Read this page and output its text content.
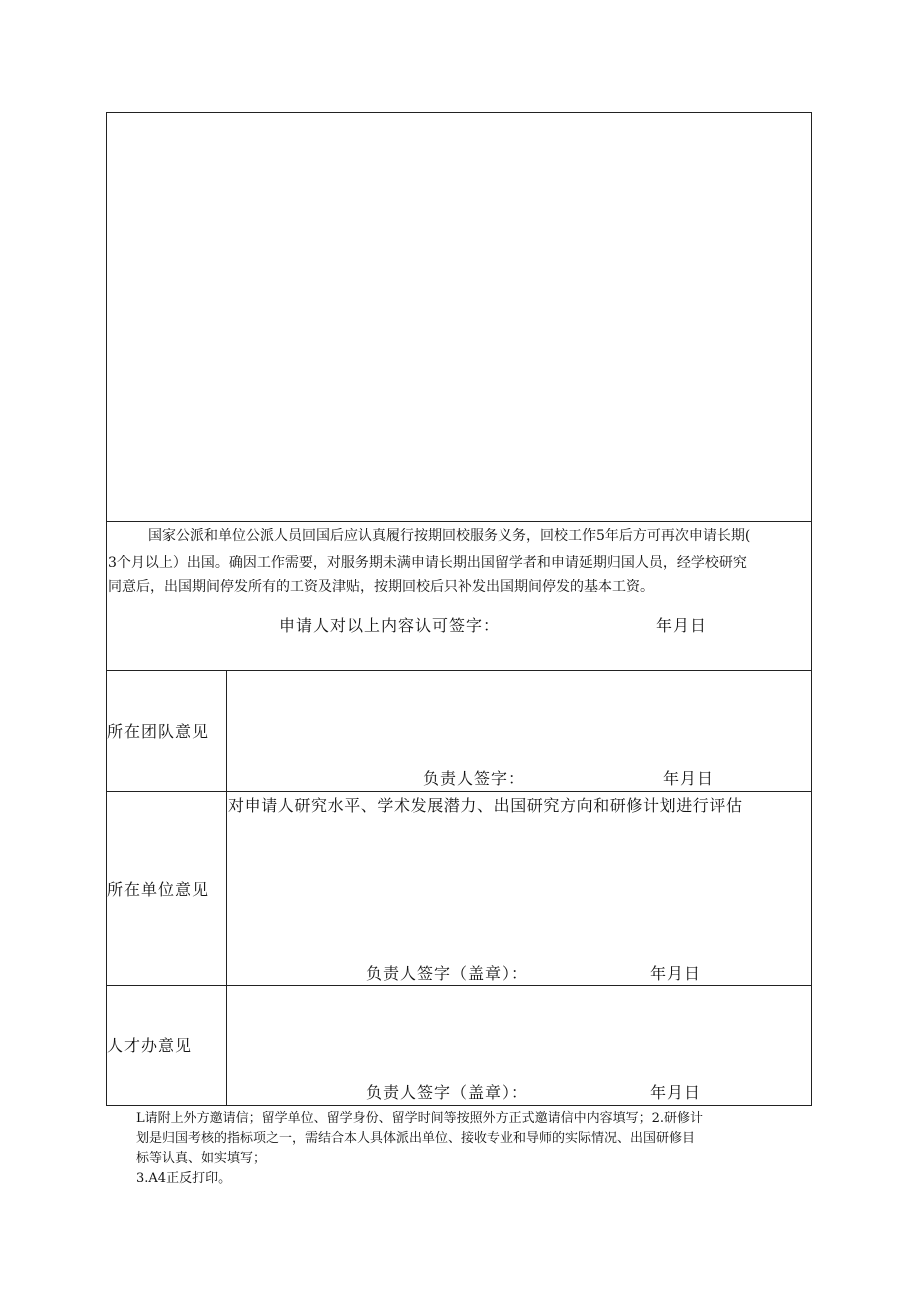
国家公派和单位公派人员回国后应认真履行按期回校服务义务，回校工作5年后方可再次申请长期(
3个月以上）出国。确因工作需要，对服务期未满申请长期出国留学者和申请延期归国人员，经学校研究
同意后，出国期间停发所有的工资及津贴，按期回校后只补发出国期间停发的基本工资。
申请人对以上内容认可签字：	年月日
所在团队意见
负责人签字：	年月日
所在单位意见
对申请人研究水平、学术发展潜力、出国研究方向和研修计划进行评估
负责人签字（盖章）：	年月日
人才办意见
负责人签字（盖章）：	年月日
L请附上外方邀请信；留学单位、留学身份、留学时间等按照外方正式邀请信中内容填写；2.研修计
划是归国考核的指标项之一，需结合本人具体派出单位、接收专业和导师的实际情况、出国研修目
标等认真、如实填写；
3.A4正反打印。
